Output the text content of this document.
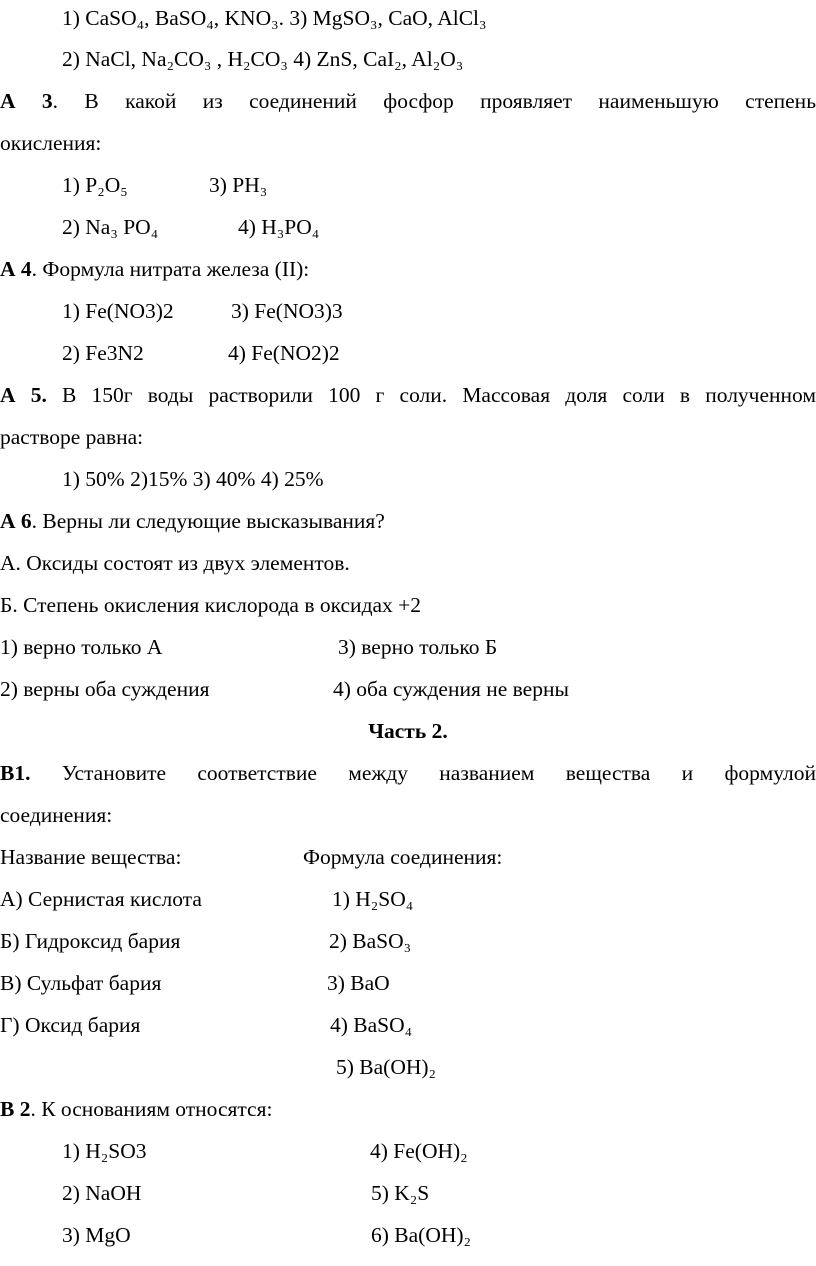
1) CaSO₄, BaSO₄, KNO₃. 3) MgSO₃, CaO, AlCl₃
2) NaCl, Na₂CO₃ , H₂CO₃ 4) ZnS, CaI₂, Al₂O₃
А 3. В какой из соединений фосфор проявляет наименьшую степень
окисления:
1) P₂O₅	3) PH₃
2) Na₃ PO₄	4) H₃PO₄
А 4. Формула нитрата железа (II):
1) Fe(NO3)2	3) Fe(NO3)3
2) Fe3N2	4) Fe(NO2)2
А 5. В 150г воды растворили 100 г соли. Массовая доля соли в полученном
растворе равна:
1) 50% 2)15% 3) 40% 4) 25%
А 6. Верны ли следующие высказывания?
А. Оксиды состоят из двух элементов.
Б. Степень окисления кислорода в оксидах +2
1) верно только А	3) верно только Б
2) верны оба суждения	4) оба суждения не верны
Часть 2.
В1. Установите соответствие между названием вещества и формулой
соединения:
Название вещества:	Формула соединения:
А) Сернистая кислота	1) H₂SO₄
Б) Гидроксид бария	2) BaSO₃
В) Сульфат бария	3) BaO
Г) Оксид бария	4) BaSO₄
5) Ba(OH)₂
В 2. К основаниям относятся:
1) H₂SO3	4) Fe(OH)₂
2) NaOH	5) K₂S
3) MgO	6) Ba(OH)₂
